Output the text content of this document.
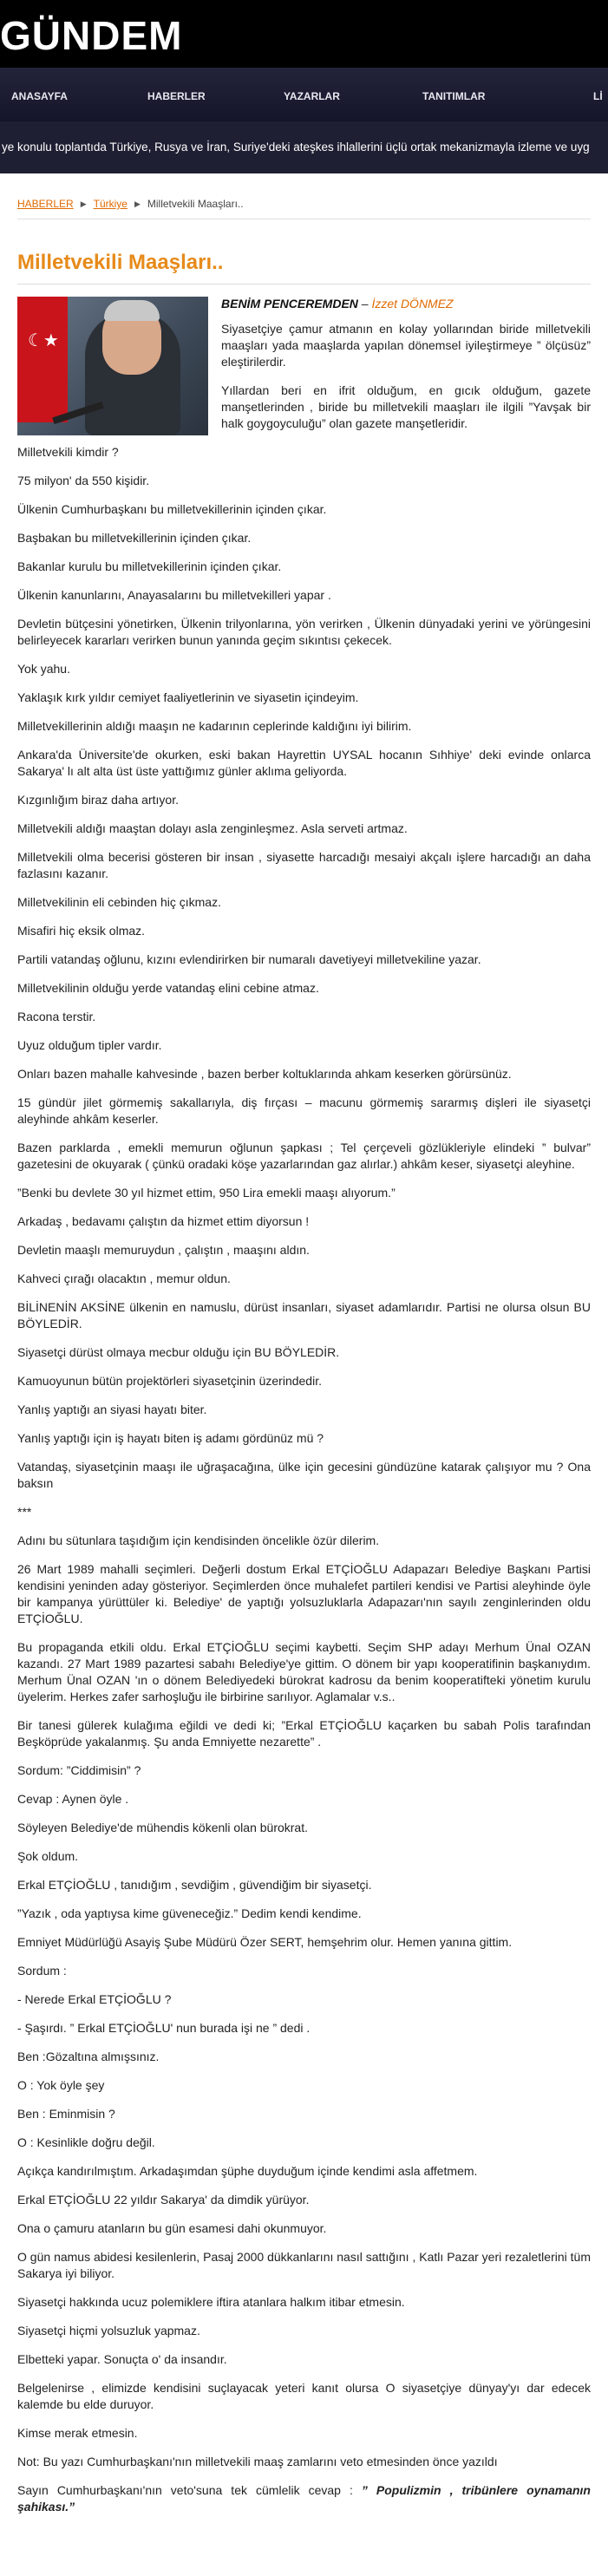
GÜNDEM
ANASAYFA	HABERLER	YAZARLAR	TANITIMLAR	Lİ
ye konulu toplantıda Türkiye, Rusya ve İran, Suriye'deki ateşkes ihlallerini üçlü ortak mekanizmayla izleme ve uyg
HABERLER ▶ Türkiye ▶ Milletvekili Maaşları..
Milletvekili Maaşları..
☾★
BENİM PENCEREMDEN – İzzet DÖNMEZ

Siyasetçiye çamur atmanın en kolay yollarından biride milletvekili maaşları yada maaşlarda yapılan dönemsel iyileştirmeye ” ölçüsüz” eleştirilerdir.

Yıllardan beri en ifrit olduğum, en gıcık olduğum, gazete manşetlerinden , biride bu milletvekili maaşları ile ilgili ”Yavşak bir halk goygoyculuğu” olan gazete manşetleridir.

Milletvekili kimdir ?

75 milyon' da 550 kişidir.

Ülkenin Cumhurbaşkanı bu milletvekillerinin içinden çıkar.

Başbakan bu milletvekillerinin içinden çıkar.

Bakanlar kurulu bu milletvekillerinin içinden çıkar.

Ülkenin kanunlarını, Anayasalarını bu milletvekilleri yapar .

Devletin bütçesini yönetirken, Ülkenin trilyonlarına, yön verirken , Ülkenin dünyadaki yerini ve yörüngesini belirleyecek kararları verirken bunun yanında geçim sıkıntısı çekecek.

Yok yahu.

Yaklaşık kırk yıldır cemiyet faaliyetlerinin ve siyasetin içindeyim.

Milletvekillerinin aldığı maaşın ne kadarının ceplerinde kaldığını iyi bilirim.

Ankara'da Üniversite'de okurken, eski bakan Hayrettin UYSAL hocanın Sıhhiye' deki evinde onlarca Sakarya' lı alt alta üst üste yattığımız günler aklıma geliyorda.

Kızgınlığım biraz daha artıyor.

Milletvekili aldığı maaştan dolayı asla zenginleşmez. Asla serveti artmaz.

Milletvekili olma becerisi gösteren bir insan , siyasette harcadığı mesaiyi akçalı işlere harcadığı an daha fazlasını kazanır.

Milletvekilinin eli cebinden hiç çıkmaz.

Misafiri hiç eksik olmaz.

Partili vatandaş oğlunu, kızını evlendirirken bir numaralı davetiyeyi milletvekiline yazar.

Milletvekilinin olduğu yerde vatandaş elini cebine atmaz.

Racona terstir.

Uyuz olduğum tipler vardır.

Onları bazen mahalle kahvesinde , bazen berber koltuklarında ahkam keserken görürsünüz.

15 gündür jilet görmemiş sakallarıyla, diş fırçası – macunu görmemiş sararmış dişleri ile siyasetçi aleyhinde ahkâm keserler.

Bazen parklarda , emekli memurun oğlunun şapkası ; Tel çerçeveli gözlükleriyle elindeki ” bulvar” gazetesini de okuyarak ( çünkü oradaki köşe yazarlarından gaz alırlar.) ahkâm keser, siyasetçi aleyhine.

”Benki bu devlete 30 yıl hizmet ettim, 950 Lira emekli maaşı alıyorum.”

Arkadaş , bedavamı çalıştın da hizmet ettim diyorsun !

Devletin maaşlı memuruydun , çalıştın , maaşını aldın.

Kahveci çırağı olacaktın , memur oldun.

BİLİNENİN AKSİNE ülkenin en namuslu, dürüst insanları, siyaset adamlarıdır. Partisi ne olursa olsun BU BÖYLEDİR.

Siyasetçi dürüst olmaya mecbur olduğu için BU BÖYLEDİR.

Kamuoyunun bütün projektörleri siyasetçinin üzerindedir.

Yanlış yaptığı an siyasi hayatı biter.

Yanlış yaptığı için iş hayatı biten iş adamı gördünüz mü ?

Vatandaş, siyasetçinin maaşı ile uğraşacağına, ülke için gecesini gündüzüne katarak çalışıyor mu ? Ona baksın

***

Adını bu sütunlara taşıdığım için kendisinden öncelikle özür dilerim.

26 Mart 1989 mahalli seçimleri. Değerli dostum Erkal ETÇİOĞLU Adapazarı Belediye Başkanı Partisi kendisini yeninden aday gösteriyor. Seçimlerden önce muhalefet partileri kendisi ve Partisi aleyhinde öyle bir kampanya yürüttüler ki. Belediye' de yaptığı yolsuzluklarla Adapazarı'nın sayılı zenginlerinden oldu ETÇİOĞLU.

Bu propaganda etkili oldu. Erkal ETÇİOĞLU seçimi kaybetti. Seçim SHP adayı Merhum Ünal OZAN kazandı. 27 Mart 1989 pazartesi sabahı Belediye'ye gittim. O dönem bir yapı kooperatifinin başkanıydım. Merhum Ünal OZAN 'ın o dönem Belediyedeki bürokrat kadrosu da benim kooperatifteki yönetim kurulu üyelerim. Herkes zafer sarhoşluğu ile birbirine sarılıyor. Aglamalar v.s..

Bir tanesi gülerek kulağıma eğildi ve dedi ki; ”Erkal ETÇİOĞLU kaçarken bu sabah Polis tarafından Beşköprüde yakalanmış. Şu anda Emniyette nezarette” .

Sordum: ”Ciddimisin” ?

Cevap : Aynen öyle .

Söyleyen Belediye'de mühendis kökenli olan bürokrat.

Şok oldum.

Erkal ETÇİOĞLU , tanıdığım , sevdiğim , güvendiğim bir siyasetçi.

”Yazık , oda yaptıysa kime güveneceğiz.” Dedim kendi kendime.

Emniyet Müdürlüğü Asayiş Şube Müdürü Özer SERT, hemşehrim olur. Hemen yanına gittim.

Sordum :

- Nerede Erkal ETÇİOĞLU ?

- Şaşırdı. ” Erkal ETÇİOĞLU' nun burada işi ne ” dedi .

Ben :Gözaltına almışsınız.

O : Yok öyle şey

Ben : Eminmisin ?

O : Kesinlikle doğru değil.

Açıkça kandırılmıştım. Arkadaşımdan şüphe duyduğum içinde kendimi asla affetmem.

Erkal ETÇİOĞLU 22 yıldır Sakarya' da dimdik yürüyor.

Ona o çamuru atanların bu gün esamesi dahi okunmuyor.

O gün namus abidesi kesilenlerin, Pasaj 2000 dükkanlarını nasıl sattığını , Katlı Pazar yeri rezaletlerini tüm Sakarya iyi biliyor.

Siyasetçi hakkında ucuz polemiklere iftira atanlara halkım itibar etmesin.

Siyasetçi hiçmi yolsuzluk yapmaz.

Elbetteki yapar. Sonuçta o' da insandır.

Belgelenirse , elimizde kendisini suçlayacak yeteri kanıt olursa O siyasetçiye dünyay'yı dar edecek kalemde bu elde duruyor.

Kimse merak etmesin.

Not: Bu yazı Cumhurbaşkanı'nın milletvekili maaş zamlarını veto etmesinden önce yazıldı

Sayın Cumhurbaşkanı'nın veto'suna tek cümlelik cevap : ” Populizmin , tribünlere oynamanın şahikası.”
